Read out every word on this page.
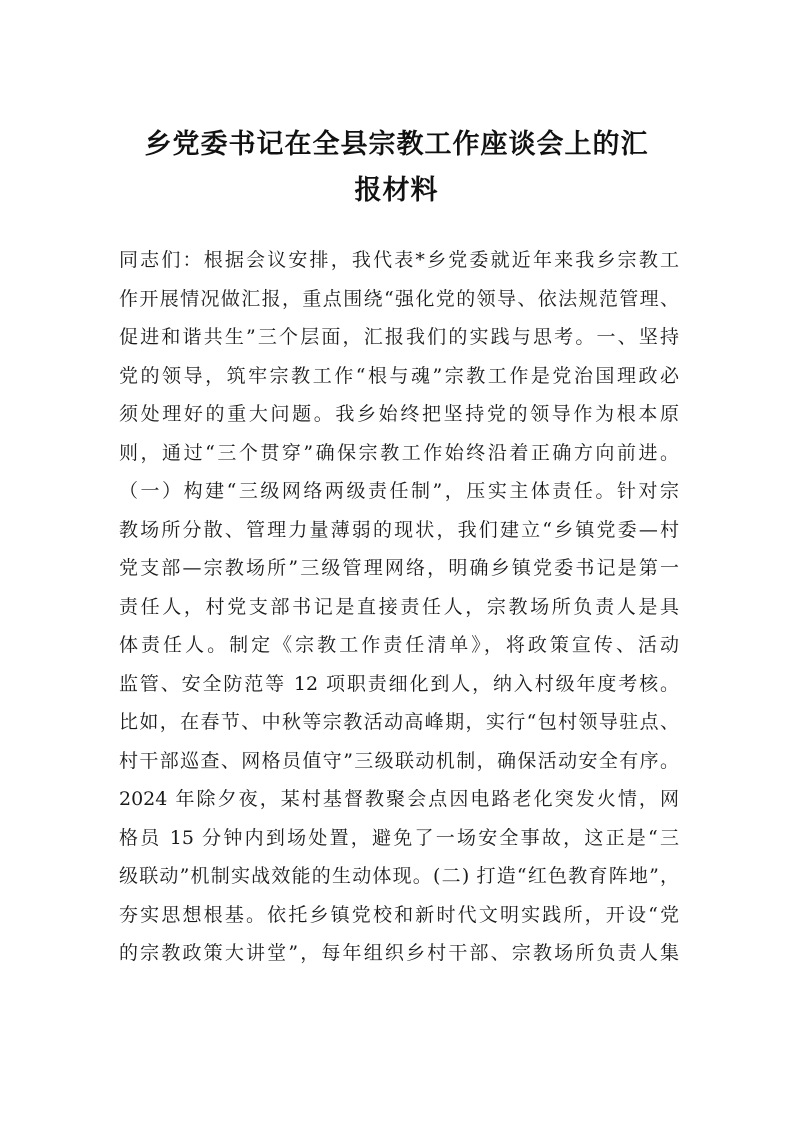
乡党委书记在全县宗教工作座谈会上的汇
报材料
同志们：根据会议安排，我代表*乡党委就近年来我乡宗教工
作开展情况做汇报，重点围绕“强化党的领导、依法规范管理、
促进和谐共生”三个层面，汇报我们的实践与思考。一、坚持
党的领导，筑牢宗教工作“根与魂”宗教工作是党治国理政必
须处理好的重大问题。我乡始终把坚持党的领导作为根本原
则，通过“三个贯穿”确保宗教工作始终沿着正确方向前进。
（一）构建“三级网络两级责任制”，压实主体责任。针对宗
教场所分散、管理力量薄弱的现状，我们建立“乡镇党委—村
党支部—宗教场所”三级管理网络，明确乡镇党委书记是第一
责任人，村党支部书记是直接责任人，宗教场所负责人是具
体责任人。制定《宗教工作责任清单》，将政策宣传、活动
监管、安全防范等 12 项职责细化到人，纳入村级年度考核。
比如，在春节、中秋等宗教活动高峰期，实行“包村领导驻点、
村干部巡查、网格员值守”三级联动机制，确保活动安全有序。
2024 年除夕夜，某村基督教聚会点因电路老化突发火情，网
格员 15 分钟内到场处置，避免了一场安全事故，这正是“三
级联动”机制实战效能的生动体现。(二) 打造“红色教育阵地”，
夯实思想根基。依托乡镇党校和新时代文明实践所，开设“党
的宗教政策大讲堂”，每年组织乡村干部、宗教场所负责人集
